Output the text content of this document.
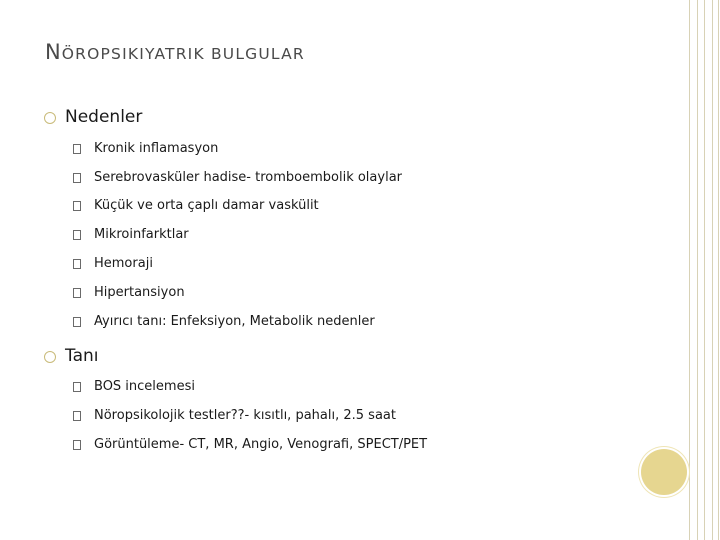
NÖROPSIKIYATRIK BULGULAR
Nedenler
Kronik inflamasyon
Serebrovasküler hadise- tromboembolik olaylar
Küçük ve orta çaplı damar vaskülit
Mikroinfarktlar
Hemoraji
Hipertansiyon
Ayırıcı tanı: Enfeksiyon, Metabolik nedenler
Tanı
BOS incelemesi
Nöropsikolojik testler??- kısıtlı, pahalı, 2.5 saat
Görüntüleme- CT, MR, Angio, Venografi, SPECT/PET
